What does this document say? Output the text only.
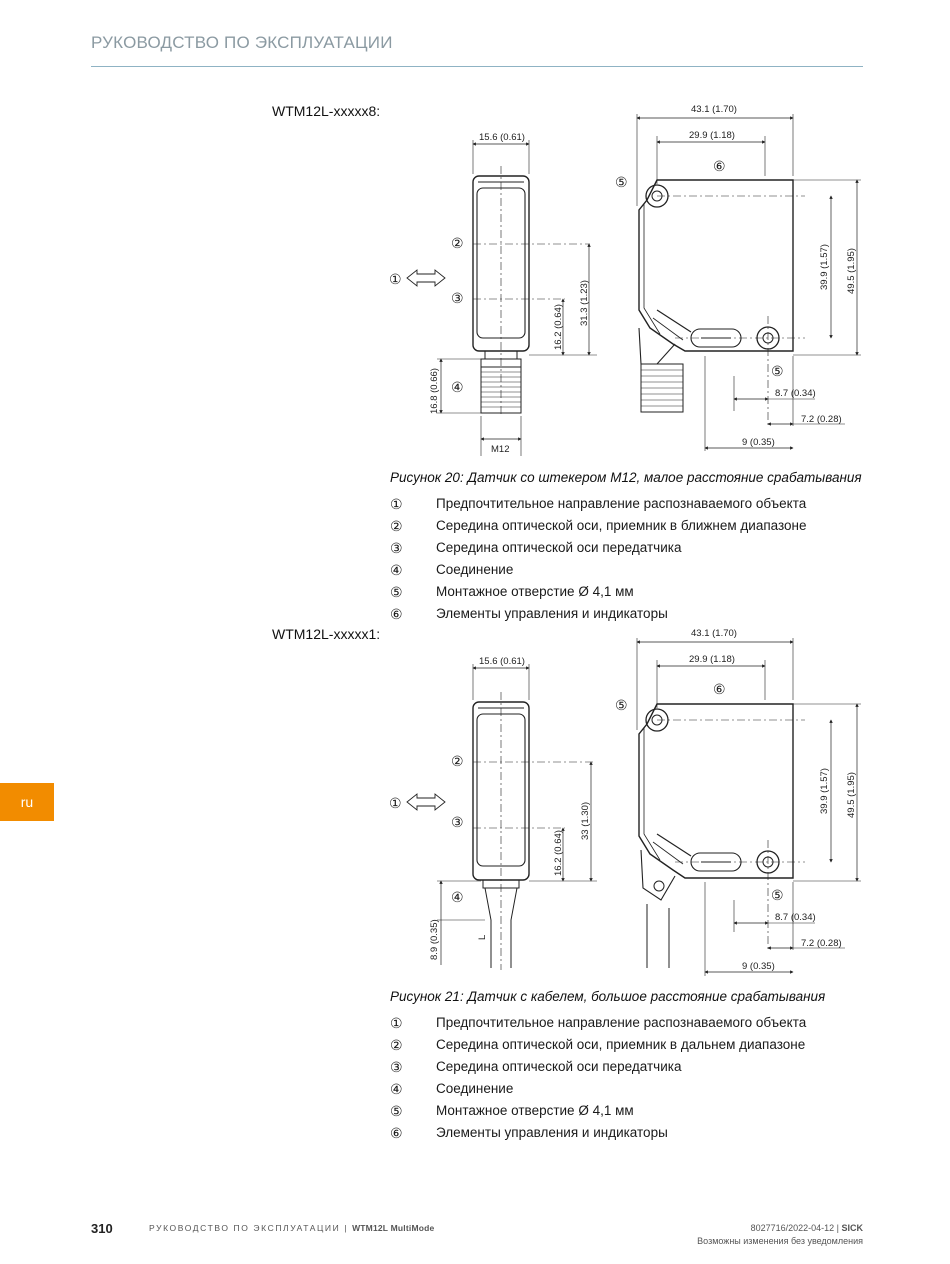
РУКОВОДСТВО ПО ЭКСПЛУАТАЦИИ
ru
WTM12L-xxxxx8:
15.6 (0.61)
43.1 (1.70)
29.9 (1.18)
31.3 (1.23)
16.2 (0.64)
16.8 (0.66)
M12
39.9 (1.57) 49.5 (1.95)
8.7 (0.34)
7.2 (0.28)
9 (0.35)
①
②
③
④
⑤
⑤
⑥
Рисунок 20: Датчик со штекером M12, малое расстояние срабатывания
① Предпочтительное направление распознаваемого объекта
② Середина оптической оси, приемник в ближнем диапазоне
③ Середина оптической оси передатчика
④ Соединение
⑤ Монтажное отверстие Ø 4,1 мм
⑥ Элементы управления и индикаторы
WTM12L-xxxxx1:
15.6 (0.61)
43.1 (1.70)
29.9 (1.18)
33 (1.30)
16.2 (0.64)
8.9 (0.35)	L
39.9 (1.57) 49.5 (1.95)
8.7 (0.34)
7.2 (0.28)
9 (0.35)
①
②
③
④
⑤
⑤
⑥
Рисунок 21: Датчик с кабелем, большое расстояние срабатывания
① Предпочтительное направление распознаваемого объекта
② Середина оптической оси, приемник в дальнем диапазоне
③ Середина оптической оси передатчика
④ Соединение
⑤ Монтажное отверстие Ø 4,1 мм
⑥ Элементы управления и индикаторы
310	РУКОВОДСТВО ПО ЭКСПЛУАТАЦИИ | WTM12L MultiMode	8027716/2022-04-12 | SICK
Возможны изменения без уведомления
